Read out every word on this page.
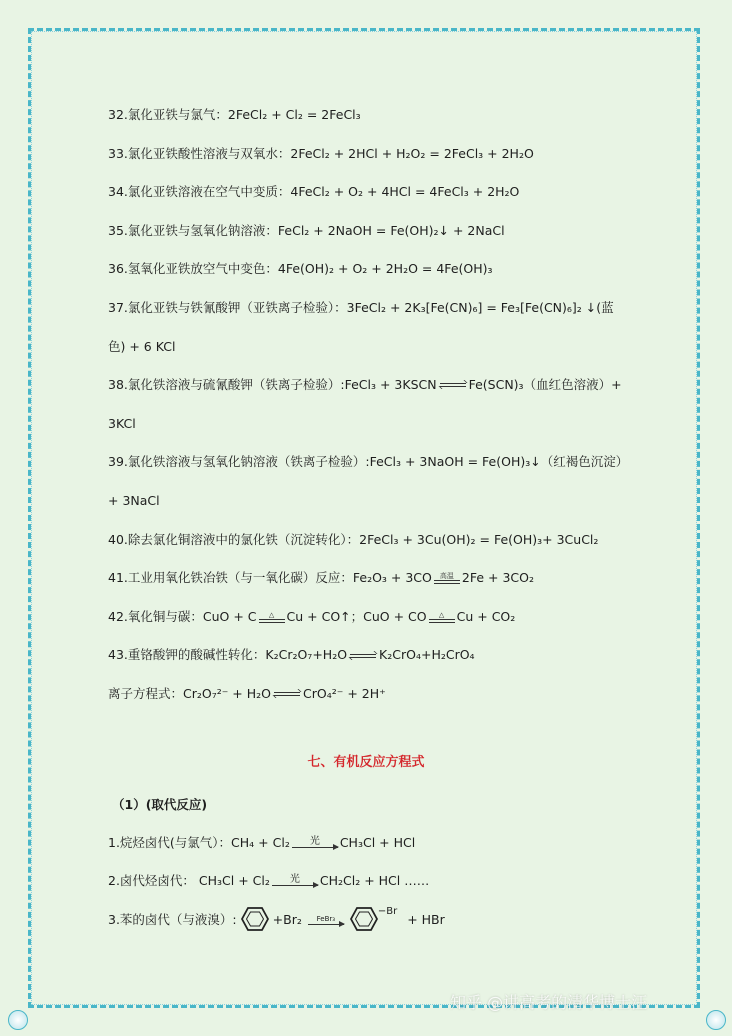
32.氯化亚铁与氯气： 2FeCl₂ + Cl₂ = 2FeCl₃
33.氯化亚铁酸性溶液与双氧水： 2FeCl₂ + 2HCl + H₂O₂ = 2FeCl₃ + 2H₂O
34.氯化亚铁溶液在空气中变质： 4FeCl₂ + O₂ + 4HCl = 4FeCl₃ + 2H₂O
35.氯化亚铁与氢氧化钠溶液： FeCl₂ + 2NaOH = Fe(OH)₂↓ + 2NaCl
36.氢氧化亚铁放空气中变色： 4Fe(OH)₂ + O₂ + 2H₂O = 4Fe(OH)₃
37.氯化亚铁与铁氰酸钾（亚铁离子检验）： 3FeCl₂ + 2K₃[Fe(CN)₆] = Fe₃[Fe(CN)₆]₂ ↓(蓝
色) + 6 KCl
38.氯化铁溶液与硫氰酸钾（铁离子检验）:FeCl₃ + 3KSCN	Fe(SCN)₃（血红色溶液）+
3KCl
39.氯化铁溶液与氢氧化钠溶液（铁离子检验）:FeCl₃ + 3NaOH = Fe(OH)₃↓（红褐色沉淀）
+ 3NaCl
40.除去氯化铜溶液中的氯化铁（沉淀转化）：2FeCl₃ + 3Cu(OH)₂ = Fe(OH)₃+ 3CuCl₂
41.工业用氧化铁冶铁（与一氧化碳）反应：Fe₂O₃ + 3CO 高温 2Fe + 3CO₂
42.氧化铜与碳：CuO + C △ Cu + CO↑；CuO + CO △ Cu + CO₂
43.重铬酸钾的酸碱性转化：K₂Cr₂O₇+H₂O	K₂CrO₄+H₂CrO₄
离子方程式：Cr₂O₇²⁻ + H₂O	CrO₄²⁻ + 2H⁺
七、有机反应方程式
（1）(取代反应)
1.烷烃卤代(与氯气）：CH₄ + Cl₂ 光 CH₃Cl + HCl
2.卤代烃卤代： CH₃Cl + Cl₂ 光 CH₂Cl₂ + HCl ……
3.苯的卤代（与液溴）:	+Br₂ FeBr₃
−Br
+ HBr
知乎 @讲高考的清华博士汪
